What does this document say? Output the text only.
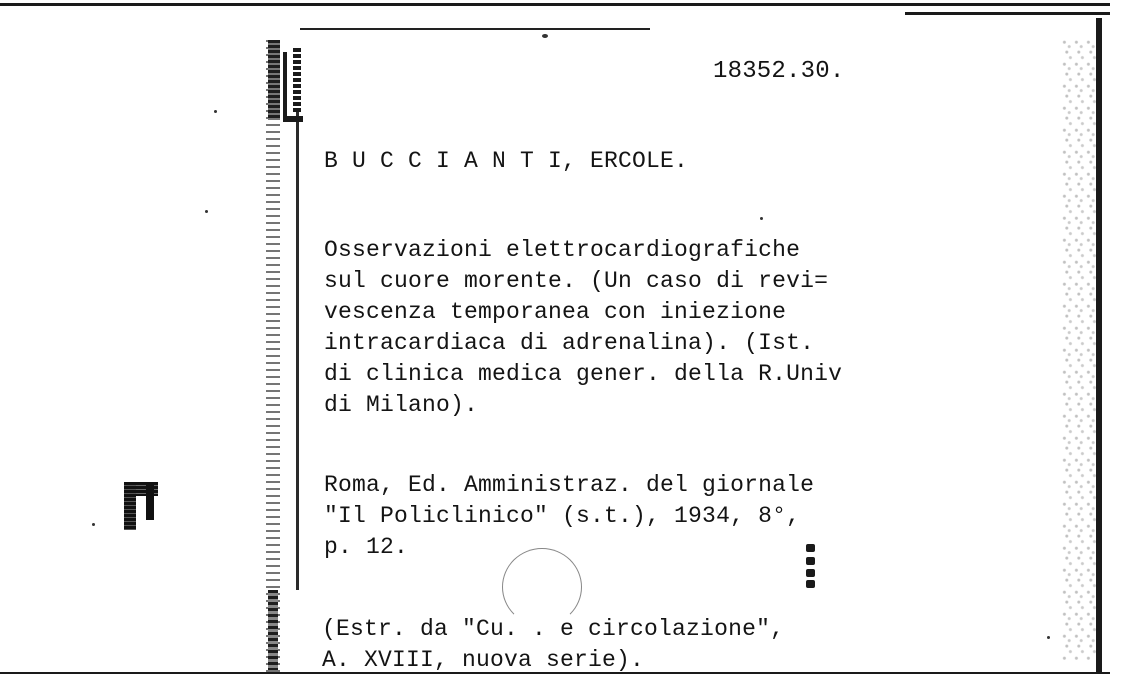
18352.30.
B U C C I A N T I, ERCOLE.
Osservazioni elettrocardiografiche
sul cuore morente. (Un caso di revi=
vescenza temporanea con iniezione
intracardiaca di adrenalina). (Ist.
di clinica medica gener. della R.Univ
di Milano).
Roma, Ed. Amministraz. del giornale
"Il Policlinico" (s.t.), 1934, 8°,
p. 12.
(Estr. da "Cu. . e circolazione",
A. XVIII, nuova serie).
